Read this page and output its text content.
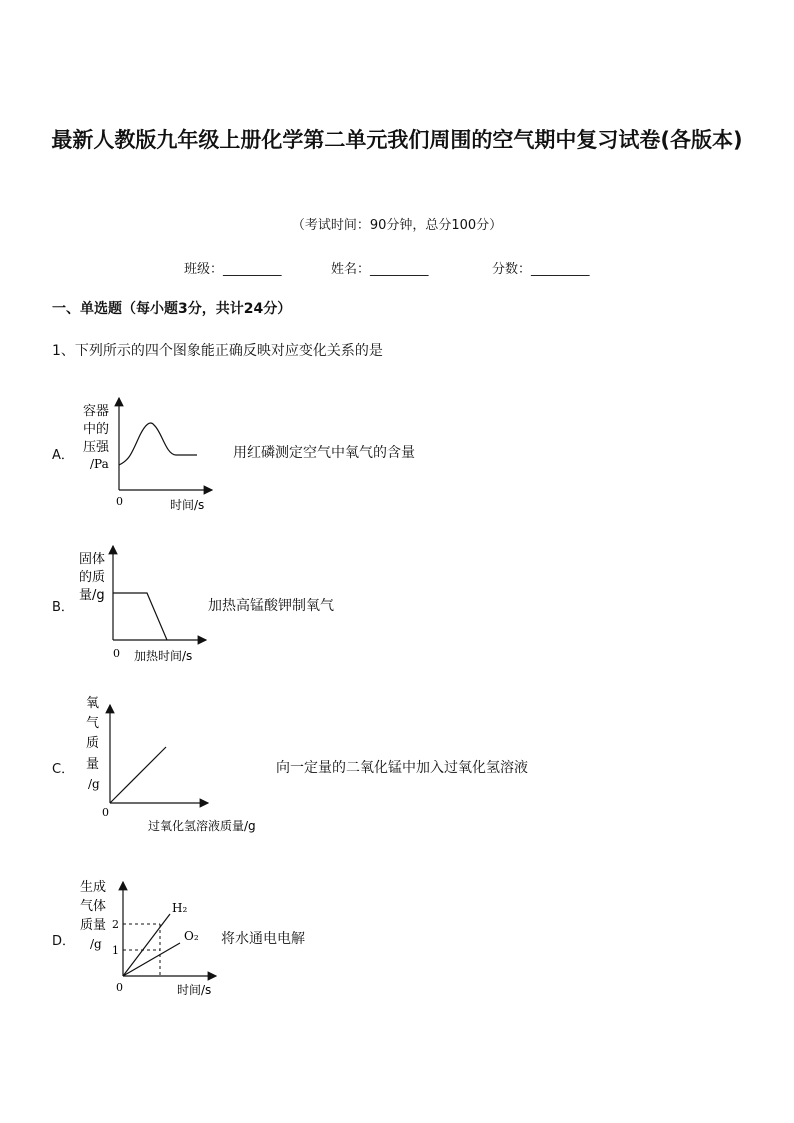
最新人教版九年级上册化学第二单元我们周围的空气期中复习试卷(各版本)
（考试时间：90分钟，总分100分）
班级：_________	姓名：_________	分数：_________
一、单选题（每小题3分，共计24分）
1、下列所示的四个图象能正确反映对应变化关系的是
A．
容器
中的
压强
/Pa
0	时间/s
用红磷测定空气中氧气的含量
B．
固体
的质
量/g
0 加热时间/s
加热高锰酸钾制氧气
C．
氧
气
质
量
/g
0
过氧化氢溶液质量/g
向一定量的二氧化锰中加入过氧化氢溶液
D．
生成
气体
质量
/g
2
1
H₂
O₂
0	时间/s
将水通电电解
